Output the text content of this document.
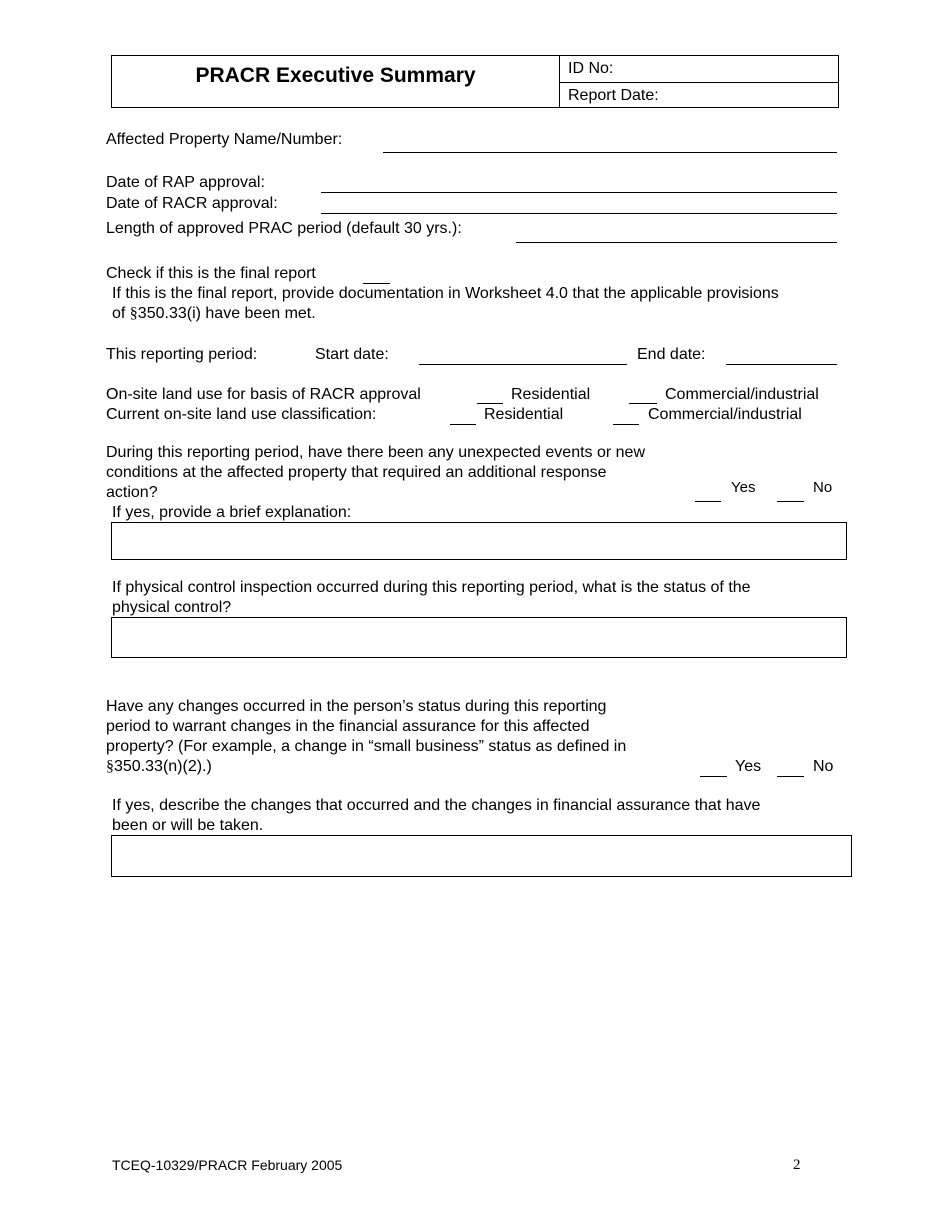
PRACR Executive Summary	ID No:
Report Date:
Affected Property Name/Number:
Date of RAP approval:
Date of RACR approval:
Length of approved PRAC period (default 30 yrs.):
Check if this is the final report
If this is the final report, provide documentation in Worksheet 4.0 that the applicable provisions
of §350.33(i) have been met.
This reporting period:	Start date:	End date:
On-site land use for basis of RACR approval	Residential	Commercial/industrial
Current on-site land use classification:	Residential	Commercial/industrial
During this reporting period, have there been any unexpected events or new
conditions at the affected property that required an additional response
action?	Yes	No
If yes, provide a brief explanation:
If physical control inspection occurred during this reporting period, what is the status of the
physical control?
Have any changes occurred in the person’s status during this reporting
period to warrant changes in the financial assurance for this affected
property? (For example, a change in “small business” status as defined in
§350.33(n)(2).)	Yes	No
If yes, describe the changes that occurred and the changes in financial assurance that have
been or will be taken.
TCEQ-10329/PRACR February 2005	2
